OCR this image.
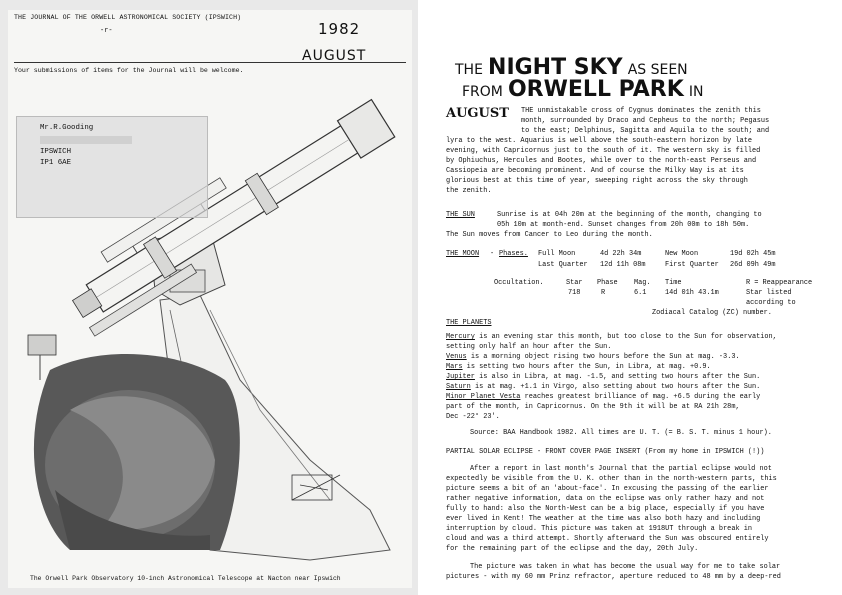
THE JOURNAL OF THE ORWELL ASTRONOMICAL SOCIETY (IPSWICH)
-r-	1982
AUGUST
Your submissions of items for the Journal will be welcome.
Mr.R.Gooding
IPSWICH
IP1 6AE
The Orwell Park Observatory 10-inch Astronomical Telescope at Nacton near Ipswich
THE NIGHT SKY AS SEEN
FROM ORWELL PARK IN
AUGUST THE unmistakable cross of Cygnus dominates the zenith this
month, surrounded by Draco and Cepheus to the north; Pegasus
to the east; Delphinus, Sagitta and Aquila to the south; and
lyra to the west. Aquarius is well above the south-eastern horizon by late
evening, with Capricornus just to the south of it. The western sky is filled
by Ophiuchus, Hercules and Bootes, while over to the north-east Perseus and
Cassiopeia are becoming prominent. And of course the Milky Way is at its
glorious best at this time of year, sweeping right across the sky through
the zenith.
THE SUN	Sunrise is at 04h 20m at the beginning of the month, changing to
05h 10m at month-end. Sunset changes from 20h 00m to 18h 50m.
The Sun moves from Cancer to Leo during the month.
THE MOON - Phases. Full Moon	4d 22h 34m	New Moon	19d 02h 45m
Last Quarter 12d 11h 08m	First Quarter 26d 09h 49m
Occultation.	Star Phase Mag. Time
718	R	6.1	14d 01h 43.1m
R = Reappearance
Star listed
according to
Zodiacal Catalog (ZC) number.
THE PLANETS
Mercury is an evening star this month, but too close to the Sun for observation,
setting only half an hour after the Sun.
Venus is a morning object rising two hours before the Sun at mag. -3.3.
Mars is setting two hours after the Sun, in Libra, at mag. +0.9.
Jupiter is also in Libra, at mag. -1.5, and setting two hours after the Sun.
Saturn is at mag. +1.1 in Virgo, also setting about two hours after the Sun.
Minor Planet Vesta reaches greatest brilliance of mag. +6.5 during the early
part of the month, in Capricornus. On the 9th it will be at RA 21h 28m,
Dec -22° 23'.
Source: BAA Handbook 1982. All times are U. T. (= B. S. T. minus 1 hour).
PARTIAL SOLAR ECLIPSE - FRONT COVER PAGE INSERT (From my home in IPSWICH (!))
After a report in last month's Journal that the partial eclipse would not
expectedly be visible from the U. K. other than in the north-western parts, this
picture seems a bit of an 'about-face'. In excusing the passing of the earlier
rather negative information, data on the eclipse was only rather hazy and not
fully to hand: also the North-West can be a big place, especially if you have
ever lived in Kent! The weather at the time was also both hazy and including
interruption by cloud. This picture was taken at 1918UT through a break in
cloud and was a third attempt. Shortly afterward the Sun was obscured entirely
for the remaining part of the eclipse and the day, 20th July.
The picture was taken in what has become the usual way for me to take solar
pictures - with my 60 mm Prinz refractor, aperture reduced to 48 mm by a deep-red
